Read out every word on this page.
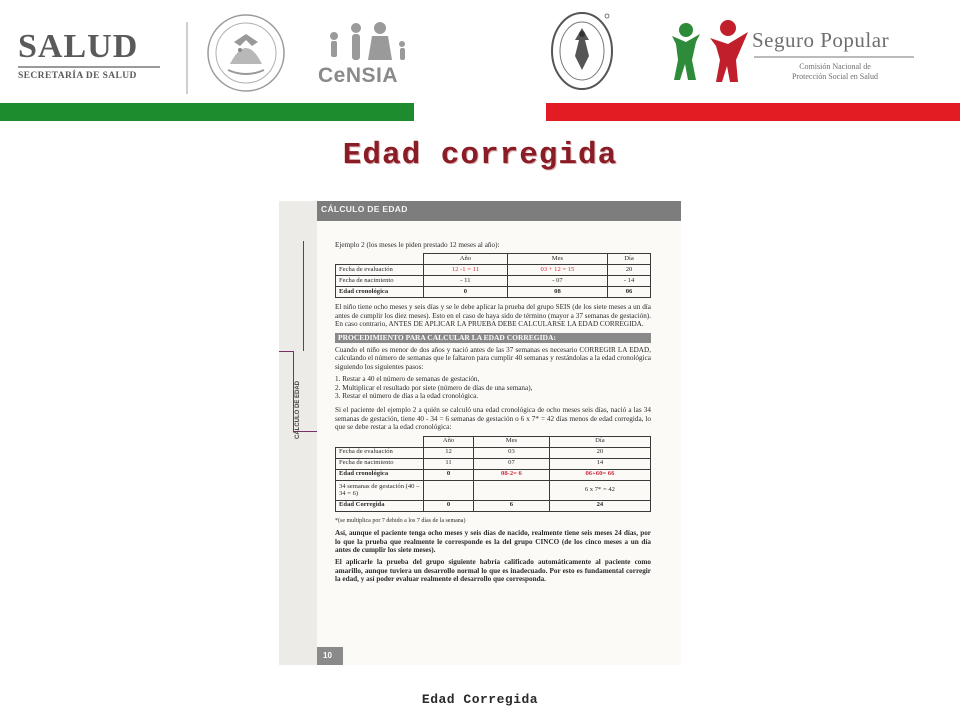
SALUD
SECRETARÍA DE SALUD	CeNSIA
Seguro Popular
Comisión Nacional de
Protección Social en Salud
Edad corregida
CÁLCULO DE EDAD
CÁLCULO DE EDAD

Ejemplo 2 (los meses le piden prestado 12 meses al año):

	Año	Mes	Día
Fecha de evaluación	12 -1 = 11	03 + 12 = 15	20
Fecha de nacimiento	- 11	- 07	- 14
Edad cronológica	0	08	06

El niño tiene ocho meses y seis días y se le debe aplicar la prueba del grupo SEIS (de los siete meses a un día antes de cumplir los diez meses). Esto en el caso de haya sido de término (mayor a 37 semanas de gestación). En caso contrario, ANTES DE APLICAR LA PRUEBA DEBE CALCULARSE LA EDAD CORREGIDA.

PROCEDIMIENTO PARA CALCULAR LA EDAD CORREGIDA:

Cuando el niño es menor de dos años y nació antes de las 37 semanas es necesario CORREGIR LA EDAD, calculando el número de semanas que le faltaron para cumplir 40 semanas y restándolas a la edad cronológica siguiendo los siguientes pasos:

1. Restar a 40 el número de semanas de gestación,
2. Multiplicar el resultado por siete (número de días de una semana),
3. Restar el número de días a la edad cronológica.

Si el paciente del ejemplo 2 a quién se calculó una edad cronológica de ocho meses seis días, nació a las 34 semanas de gestación, tiene 40 - 34 = 6 semanas de gestación o 6 x 7* = 42 días menos de edad corregida, lo que se debe restar a la edad cronológica:

	Año	Mes	Día
Fecha de evaluación	12	03	20
Fecha de nacimiento	11	07	14
Edad cronológica	0	08-2= 6	06+60= 66
34 semanas de gestación (40 – 34 = 6)			6 x 7* = 42
Edad Corregida	0	6	24

*(se multiplica por 7 debido a los 7 días de la semana)

Así, aunque el paciente tenga ocho meses y seis días de nacido, realmente tiene seis meses 24 días, por lo que la prueba que realmente le corresponde es la del grupo CINCO (de los cinco meses a un día antes de cumplir los siete meses).

El aplicarle la prueba del grupo siguiente habría calificado automáticamente al paciente como amarillo, aunque tuviera un desarrollo normal lo que es inadecuado. Por esto es fundamental corregir la edad, y así poder evaluar realmente el desarrollo que corresponda.

10
Edad Corregida
